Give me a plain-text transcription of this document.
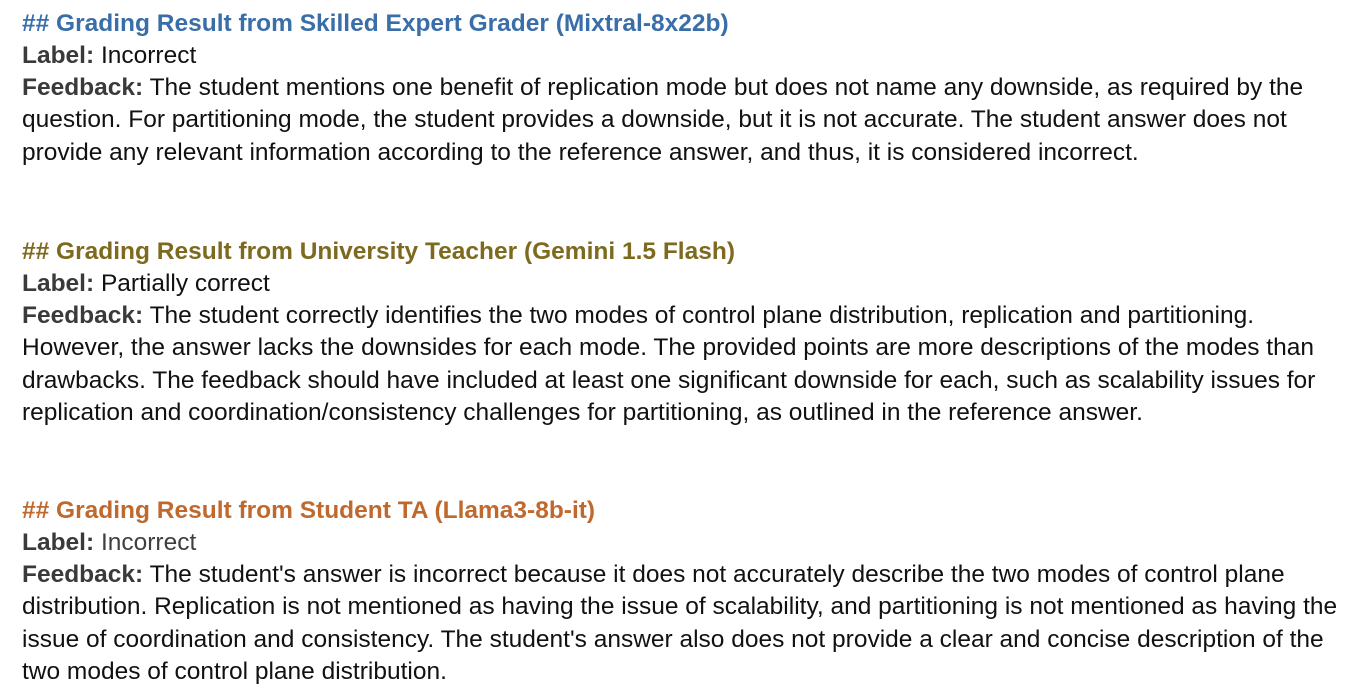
## Grading Result from Skilled Expert Grader (Mixtral-8x22b)

Label: Incorrect

Feedback: The student mentions one benefit of replication mode but does not name any downside, as required by the question. For partitioning mode, the student provides a downside, but it is not accurate. The student answer does not provide any relevant information according to the reference answer, and thus, it is considered incorrect.

## Grading Result from University Teacher (Gemini 1.5 Flash)

Label: Partially correct

Feedback: The student correctly identifies the two modes of control plane distribution, replication and partitioning. However, the answer lacks the downsides for each mode. The provided points are more descriptions of the modes than drawbacks. The feedback should have included at least one significant downside for each, such as scalability issues for replication and coordination/consistency challenges for partitioning, as outlined in the reference answer.

## Grading Result from Student TA (Llama3-8b-it)

Label: Incorrect

Feedback: The student's answer is incorrect because it does not accurately describe the two modes of control plane distribution. Replication is not mentioned as having the issue of scalability, and partitioning is not mentioned as having the issue of coordination and consistency. The student's answer also does not provide a clear and concise description of the two modes of control plane distribution.
